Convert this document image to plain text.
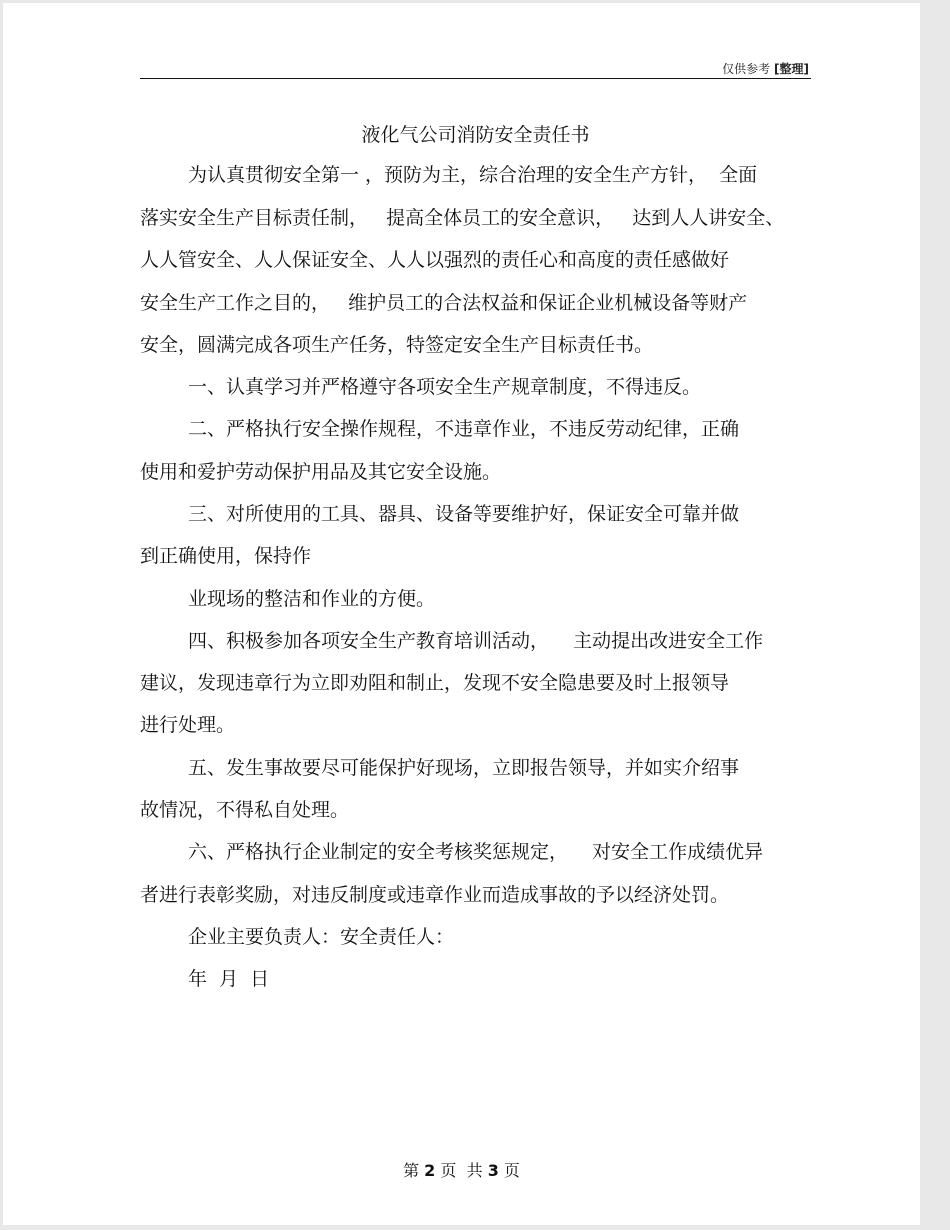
仅供参考 [整理]
液化气公司消防安全责任书
为认真贯彻安全第一 ，预防为主，综合治理的安全生产方针，  全面
落实安全生产目标责任制，   提高全体员工的安全意识，   达到人人讲安全、
人人管安全、人人保证安全、人人以强烈的责任心和高度的责任感做好
安全生产工作之目的，   维护员工的合法权益和保证企业机械设备等财产
安全，圆满完成各项生产任务，特签定安全生产目标责任书。
一、认真学习并严格遵守各项安全生产规章制度，不得违反。
二、严格执行安全操作规程，不违章作业，不违反劳动纪律，正确
使用和爱护劳动保护用品及其它安全设施。
三、对所使用的工具、器具、设备等要维护好，保证安全可靠并做
到正确使用，保持作
业现场的整洁和作业的方便。
四、积极参加各项安全生产教育培训活动，    主动提出改进安全工作
建议，发现违章行为立即劝阻和制止，发现不安全隐患要及时上报领导
进行处理。
五、发生事故要尽可能保护好现场，立即报告领导，并如实介绍事
故情况，不得私自处理。
六、严格执行企业制定的安全考核奖惩规定，    对安全工作成绩优异
者进行表彰奖励，对违反制度或违章作业而造成事故的予以经济处罚。
企业主要负责人：安全责任人：
年  月  日
第 2 页  共 3 页
